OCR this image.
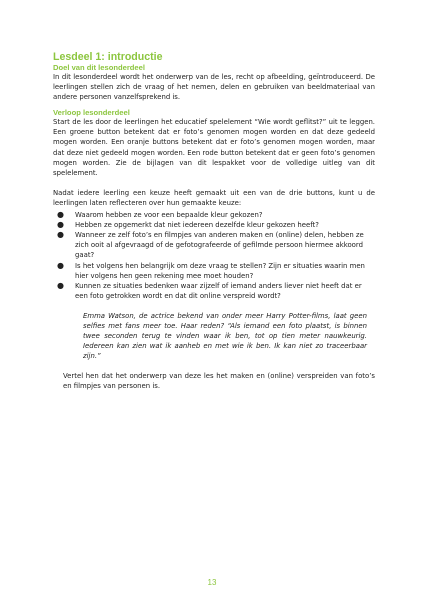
Lesdeel 1: introductie
Doel van dit lesonderdeel

In dit lesonderdeel wordt het onderwerp van de les, recht op afbeelding, geïntroduceerd. De leerlingen stellen zich de vraag of het nemen, delen en gebruiken van beeldmateriaal van andere personen vanzelfsprekend is.

Verloop lesonderdeel

Start de les door de leerlingen het educatief spelelement “Wie wordt geflitst?” uit te leggen. Een groene button betekent dat er foto’s genomen mogen worden en dat deze gedeeld mogen worden. Een oranje buttons betekent dat er foto’s genomen mogen worden, maar dat deze niet gedeeld mogen worden. Een rode button betekent dat er geen foto’s genomen mogen worden. Zie de bijlagen van dit lespakket voor de volledige uitleg van dit spelelement.

Nadat iedere leerling een keuze heeft gemaakt uit een van de drie buttons, kunt u de leerlingen laten reflecteren over hun gemaakte keuze:

● Waarom hebben ze voor een bepaalde kleur gekozen?
● Hebben ze opgemerkt dat niet iedereen dezelfde kleur gekozen heeft?
● Wanneer ze zelf foto’s en filmpjes van anderen maken en (online) delen, hebben ze zich ooit al afgevraagd of de gefotografeerde of gefilmde persoon hiermee akkoord gaat?
● Is het volgens hen belangrijk om deze vraag te stellen? Zijn er situaties waarin men hier volgens hen geen rekening mee moet houden?
● Kunnen ze situaties bedenken waar zijzelf of iemand anders liever niet heeft dat er een foto getrokken wordt en dat dit online verspreid wordt?

Emma Watson, de actrice bekend van onder meer Harry Potter-films, laat geen selfies met fans meer toe. Haar reden? “Als iemand een foto plaatst, is binnen twee seconden terug te vinden waar ik ben, tot op tien meter nauwkeurig. Iedereen kan zien wat ik aanheb en met wie ik ben. Ik kan niet zo traceerbaar zijn.”

Vertel hen dat het onderwerp van deze les het maken en (online) verspreiden van foto’s en filmpjes van personen is.

13
